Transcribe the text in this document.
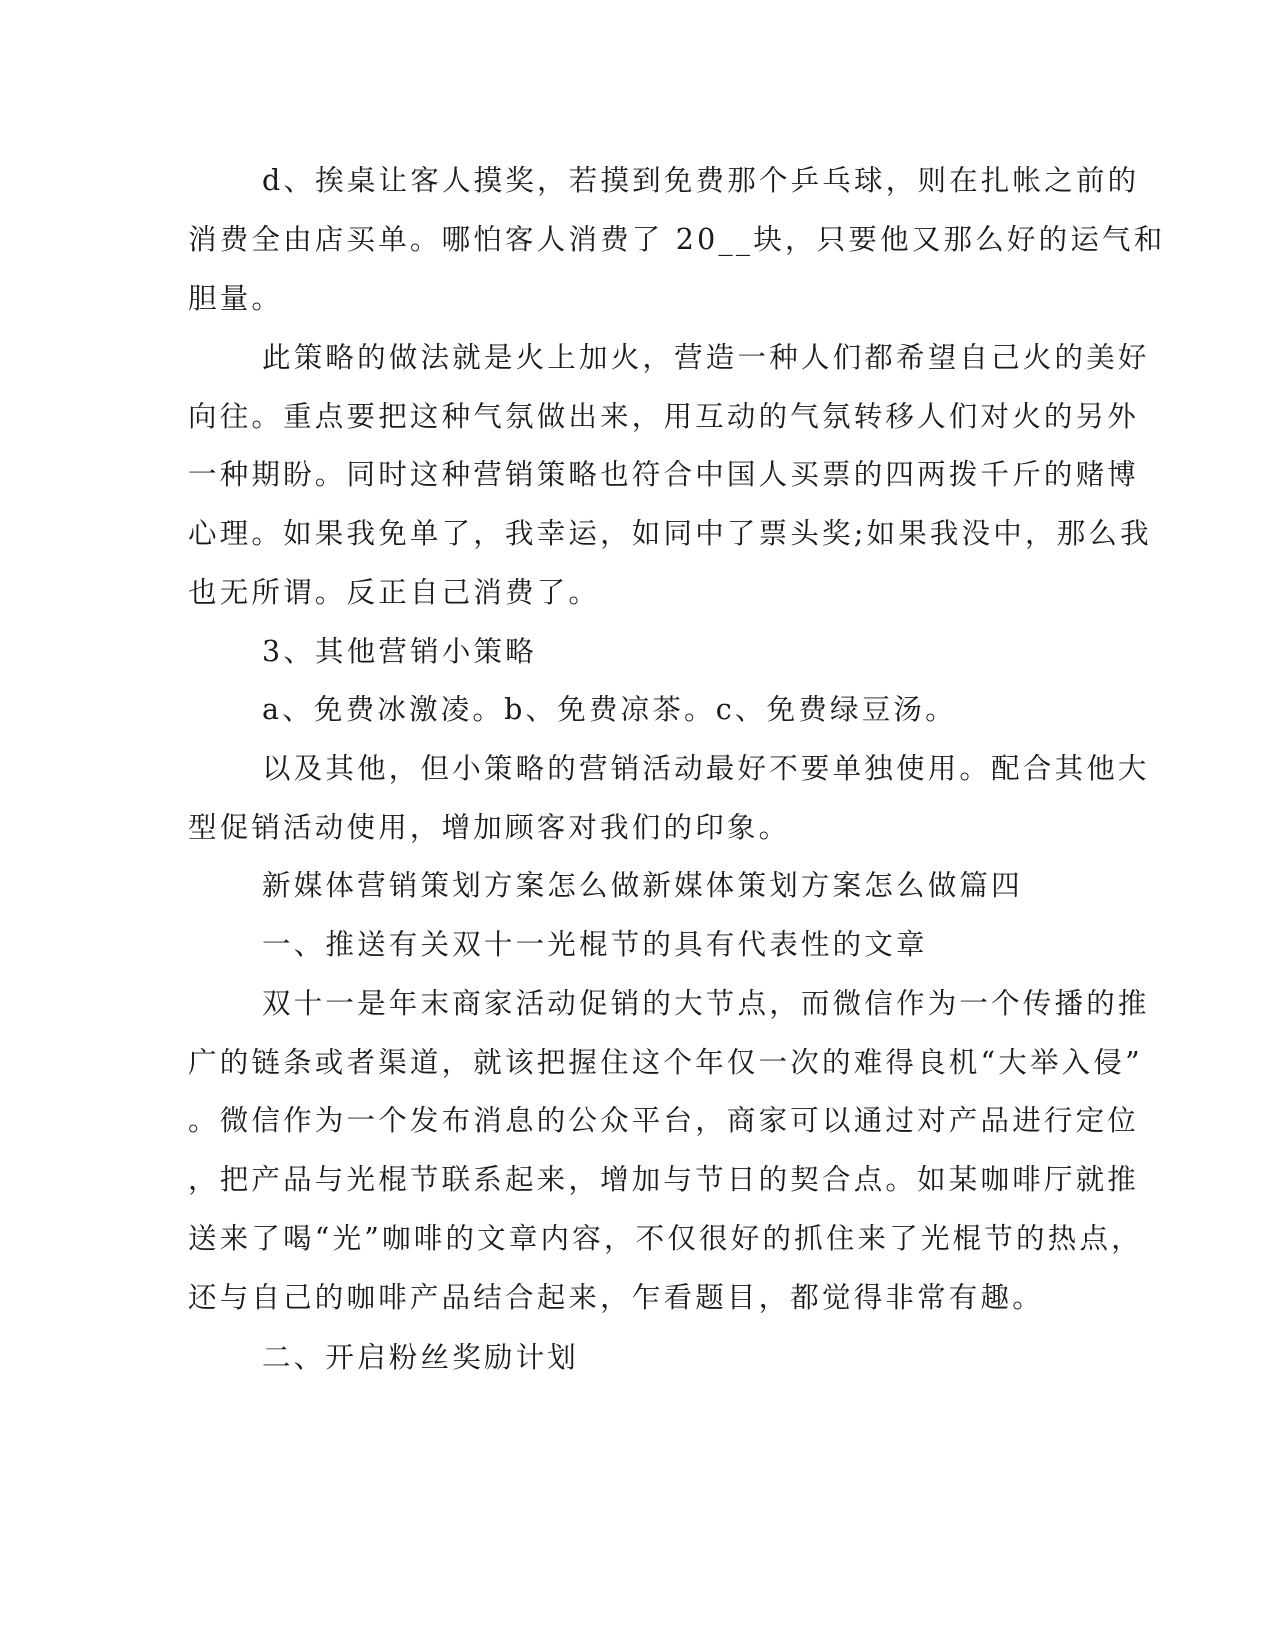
d、挨桌让客人摸奖，若摸到免费那个乒乓球，则在扎帐之前的
消费全由店买单。哪怕客人消费了 20__块，只要他又那么好的运气和
胆量。
此策略的做法就是火上加火，营造一种人们都希望自己火的美好
向往。重点要把这种气氛做出来，用互动的气氛转移人们对火的另外
一种期盼。同时这种营销策略也符合中国人买票的四两拨千斤的赌博
心理。如果我免单了，我幸运，如同中了票头奖;如果我没中，那么我
也无所谓。反正自己消费了。
3、其他营销小策略
a、免费冰激凌。b、免费凉茶。c、免费绿豆汤。
以及其他，但小策略的营销活动最好不要单独使用。配合其他大
型促销活动使用，增加顾客对我们的印象。
新媒体营销策划方案怎么做新媒体策划方案怎么做篇四
一、推送有关双十一光棍节的具有代表性的文章
双十一是年末商家活动促销的大节点，而微信作为一个传播的推
广的链条或者渠道，就该把握住这个年仅一次的难得良机“大举入侵”
。微信作为一个发布消息的公众平台，商家可以通过对产品进行定位
，把产品与光棍节联系起来，增加与节日的契合点。如某咖啡厅就推
送来了喝“光”咖啡的文章内容，不仅很好的抓住来了光棍节的热点，
还与自己的咖啡产品结合起来，乍看题目，都觉得非常有趣。
二、开启粉丝奖励计划
